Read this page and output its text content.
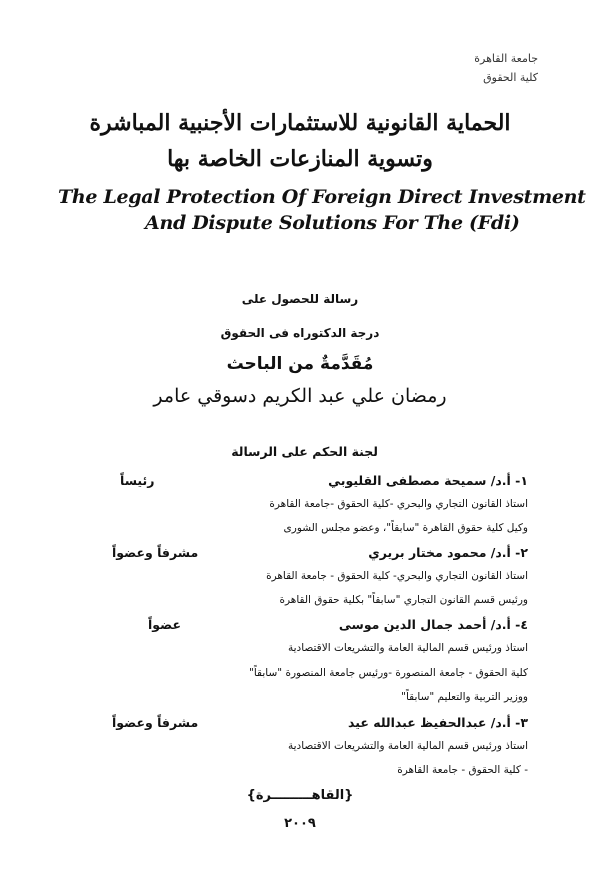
جامعة القاهرة
كلية الحقوق
الحماية القانونية للاستثمارات الأجنبية المباشرة
وتسوية المنازعات الخاصة بها
The Legal Protection Of Foreign Direct Investment
And Dispute Solutions For The (Fdi)
رسالة للحصول على
درجة الدكتوراه فى الحقوق
مُقَدَّمةٌ من الباحث
رمضان علي عبد الكريم دسوقي عامر
لجنة الحكم على الرسالة
١- أ.د/ سميحة مصطفى القليوبي
رئيساً
استاذ القانون التجاري والبحري -كلية الحقوق -جامعة القاهرة
وكيل كلية حقوق القاهرة "سابقاً"، وعضو مجلس الشورى
٢- أ.د/ محمود مختار بريري
مشرفاً وعضواً
استاذ القانون التجاري والبحري- كلية الحقوق - جامعة القاهرة
ورئيس قسم القانون التجاري "سابقاً" بكلية حقوق القاهرة
٤- أ.د/ أحمد جمال الدين موسى
عضواً
استاذ ورئيس قسم المالية العامة والتشريعات الاقتصادية
كلية الحقوق - جامعة المنصورة -ورئيس جامعة المنصورة "سابقاً"
ووزير التربية والتعليم "سابقاً"
٣- أ.د/ عبدالحفيظ عبدالله عيد
مشرفاً وعضواً
استاذ ورئيس قسم المالية العامة والتشريعات الاقتصادية
- كلية الحقوق - جامعة القاهرة
{القاهـــــــــرة}
٢٠٠٩
